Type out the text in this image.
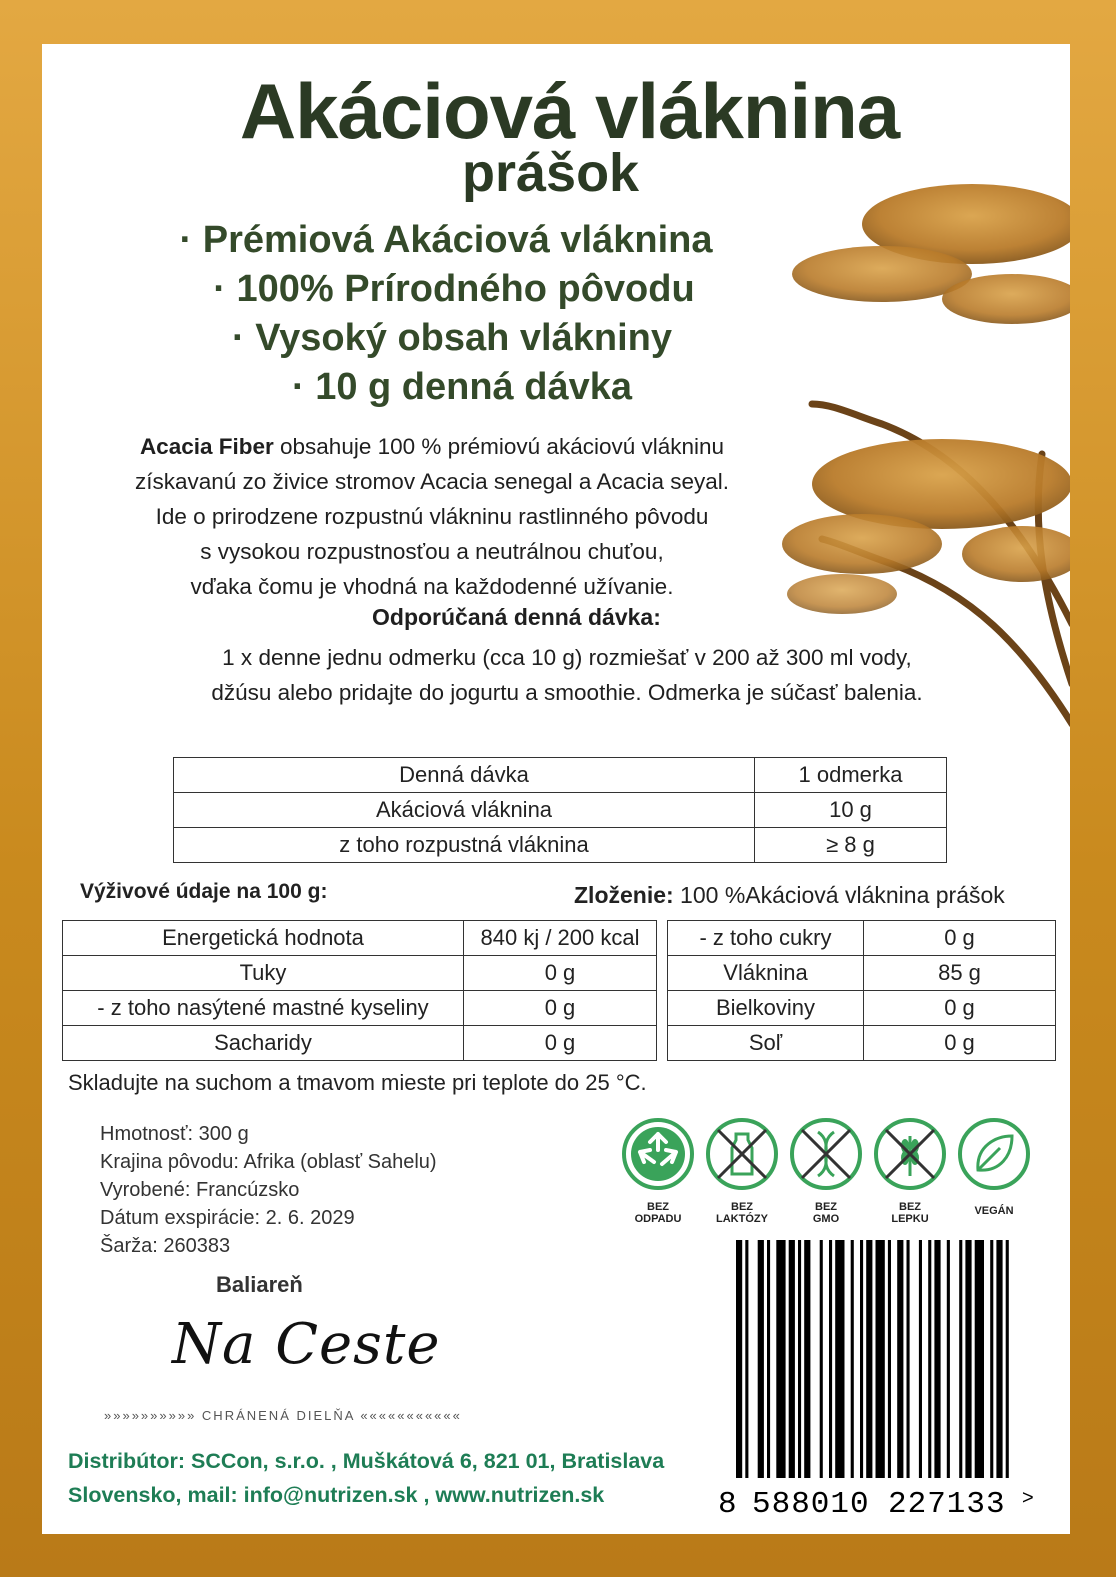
Akáciová vláknina
prášok
· Prémiová Akáciová vláknina
· 100% Prírodného pôvodu
· Vysoký obsah vlákniny
· 10 g denná dávka
Acacia Fiber obsahuje 100 % prémiovú akáciovú vlákninu
získavanú zo živice stromov Acacia senegal a Acacia seyal.
Ide o prirodzene rozpustnú vlákninu rastlinného pôvodu
s vysokou rozpustnosťou a neutrálnou chuťou,
vďaka čomu je vhodná na každodenné užívanie.
Odporúčaná denná dávka:
1 x denne jednu odmerku (cca 10 g) rozmiešať v 200 až 300 ml vody,
džúsu alebo pridajte do jogurtu a smoothie. Odmerka je súčasť balenia.
Denná dávka	1 odmerka
Akáciová vláknina	10 g
z toho rozpustná vláknina	≥ 8 g
Výživové údaje na 100 g:	Zloženie: 100 %Akáciová vláknina prášok
Energetická hodnota	840 kj / 200 kcal
Tuky	0 g
- z toho nasýtené mastné kyseliny	0 g
Sacharidy	0 g
- z toho cukry	0 g
Vláknina	85 g
Bielkoviny	0 g
Soľ	0 g
Skladujte na suchom a tmavom mieste pri teplote do 25 °C.
Hmotnosť: 300 g
Krajina pôvodu: Afrika (oblasť Sahelu)
Vyrobené: Francúzsko
Dátum exspirácie: 2. 6. 2029
Šarža: 260383
BEZ
ODPADU
BEZ
LAKTÓZY
BEZ
GMO
BEZ
LEPKU
VEGÁN
Baliareň
Na Ceste
»»»»»»»»»» CHRÁNENÁ DIELŇA «««««««««««
Distribútor: SCCon, s.r.o. , Muškátová 6, 821 01, Bratislava
Slovensko, mail: info@nutrizen.sk , www.nutrizen.sk	8 588010 227133 >
